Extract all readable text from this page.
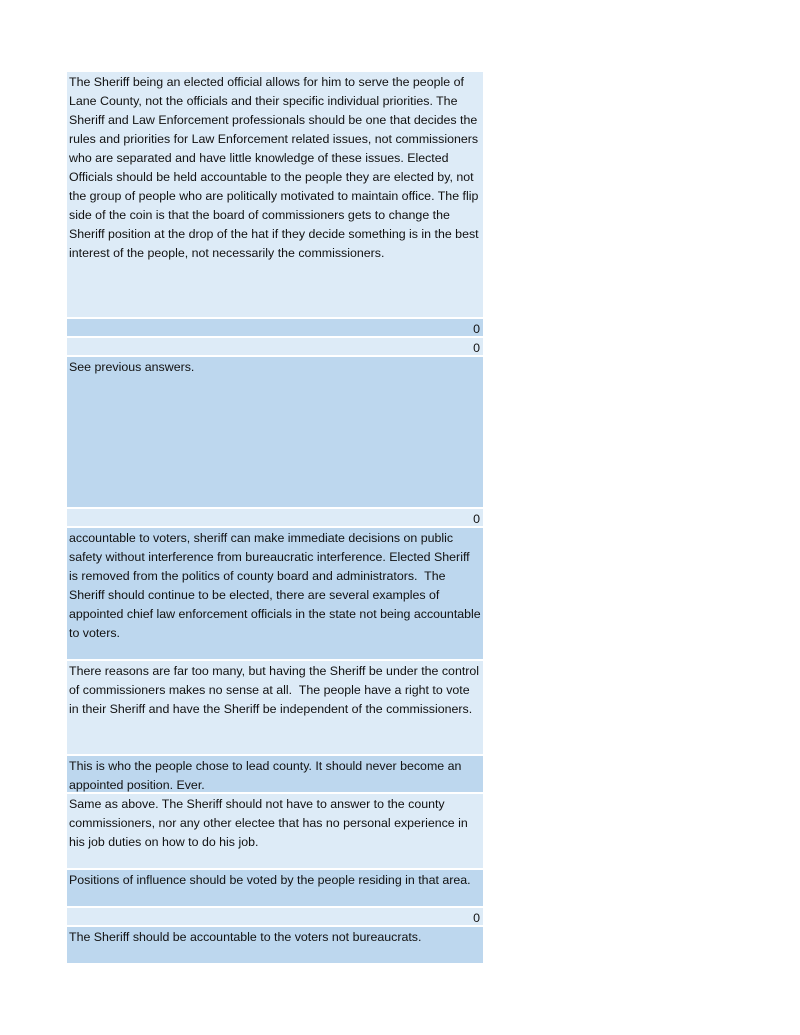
The Sheriff being an elected official allows for him to serve the people of Lane County, not the officials and their specific individual priorities. The Sheriff and Law Enforcement professionals should be one that decides the rules and priorities for Law Enforcement related issues, not commissioners who are separated and have little knowledge of these issues. Elected Officials should be held accountable to the people they are elected by, not the group of people who are politically motivated to maintain office. The flip side of the coin is that the board of commissioners gets to change the Sheriff position at the drop of the hat if they decide something is in the best interest of the people, not necessarily the commissioners.
0
0
See previous answers.
0
accountable to voters, sheriff can make immediate decisions on public safety without interference from bureaucratic interference. Elected Sheriff is removed from the politics of county board and administrators.  The Sheriff should continue to be elected, there are several examples of appointed chief law enforcement officials in the state not being accountable to voters.
There reasons are far too many, but having the Sheriff be under the control of commissioners makes no sense at all.  The people have a right to vote in their Sheriff and have the Sheriff be independent of the commissioners.
This is who the people chose to lead county. It should never become an appointed position. Ever.
Same as above. The Sheriff should not have to answer to the county commissioners, nor any other electee that has no personal experience in his job duties on how to do his job.
Positions of influence should be voted by the people residing in that area.
0
The Sheriff should be accountable to the voters not bureaucrats.
